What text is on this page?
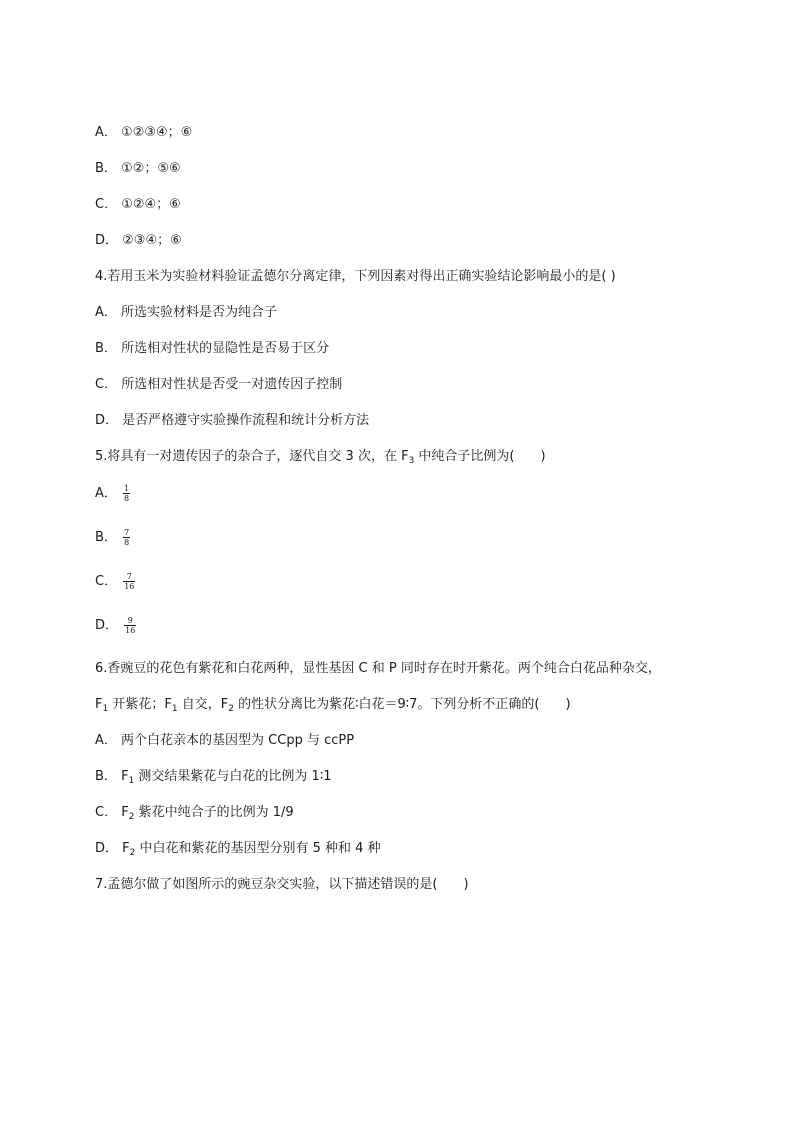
A． ①②③④；⑥
B． ①②；⑤⑥
C． ①②④；⑥
D． ②③④；⑥
4.若用玉米为实验材料验证孟德尔分离定律，下列因素对得出正确实验结论影响最小的是( )
A． 所选实验材料是否为纯合子
B． 所选相对性状的显隐性是否易于区分
C． 所选相对性状是否受一对遗传因子控制
D． 是否严格遵守实验操作流程和统计分析方法
5.将具有一对遗传因子的杂合子，逐代自交 3 次，在 $F_3$ 中纯合子比例为(　　)
A． $\frac{1}{8}$
B． $\frac{7}{8}$
C． $\frac{7}{16}$
D． $\frac{9}{16}$
6.香豌豆的花色有紫花和白花两种，显性基因 C 和 P 同时存在时开紫花。两个纯合白花品种杂交，
$F_1$ 开紫花；$F_1$ 自交，$F_2$ 的性状分离比为紫花∶白花＝9∶7。下列分析不正确的(　　)
A． 两个白花亲本的基因型为 CCpp 与 ccPP
B． $F_1$ 测交结果紫花与白花的比例为 1∶1
C． $F_2$ 紫花中纯合子的比例为 1/9
D． $F_2$ 中白花和紫花的基因型分别有 5 种和 4 种
7.孟德尔做了如图所示的豌豆杂交实验，以下描述错误的是(　　)
